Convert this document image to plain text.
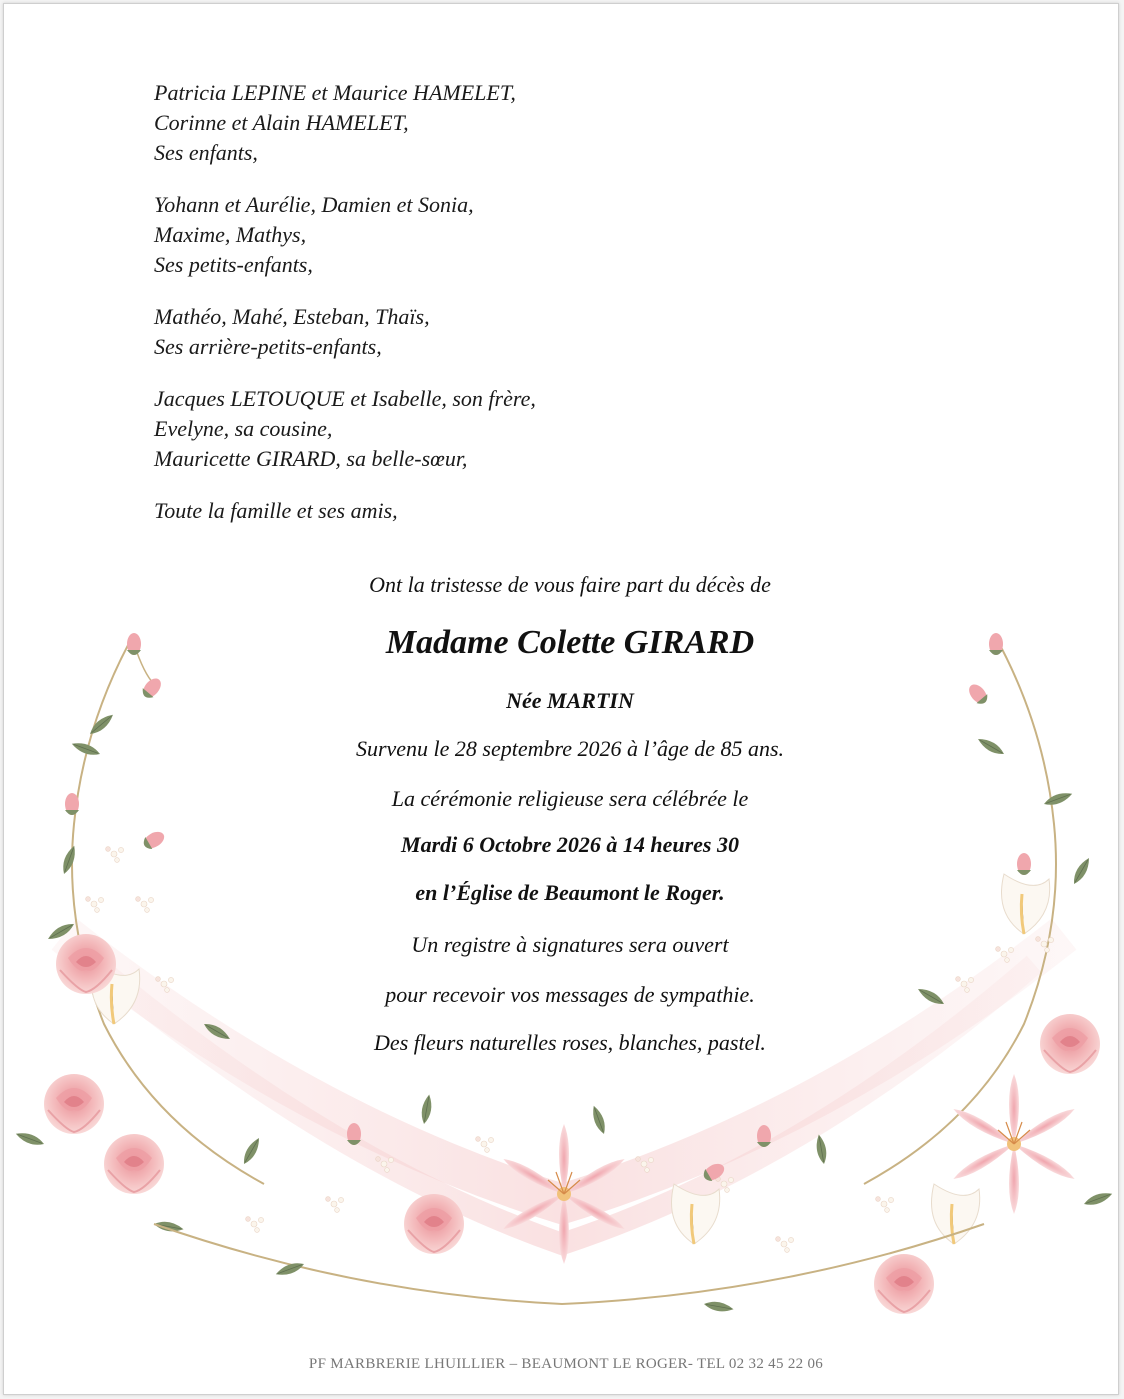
Patricia LEPINE et Maurice HAMELET,
Corinne et Alain HAMELET,
Ses enfants,
Yohann et Aurélie, Damien et Sonia,
Maxime, Mathys,
Ses petits-enfants,
Mathéo, Mahé, Esteban, Thaïs,
Ses arrière-petits-enfants,
Jacques LETOUQUE et Isabelle, son frère,
Evelyne, sa cousine,
Mauricette GIRARD, sa belle-sœur,
Toute la famille et ses amis,
Ont la tristesse de vous faire part du décès de
Madame Colette GIRARD
Née MARTIN
Survenu le 28 septembre 2026 à l’âge de 85 ans.
La cérémonie religieuse sera célébrée le
Mardi 6 Octobre 2026 à 14 heures 30
en l’Église de Beaumont le Roger.
Un registre à signatures sera ouvert
pour recevoir vos messages de sympathie.
Des fleurs naturelles roses, blanches, pastel.
PF MARBRERIE LHUILLIER – BEAUMONT LE ROGER- TEL 02 32 45 22 06
